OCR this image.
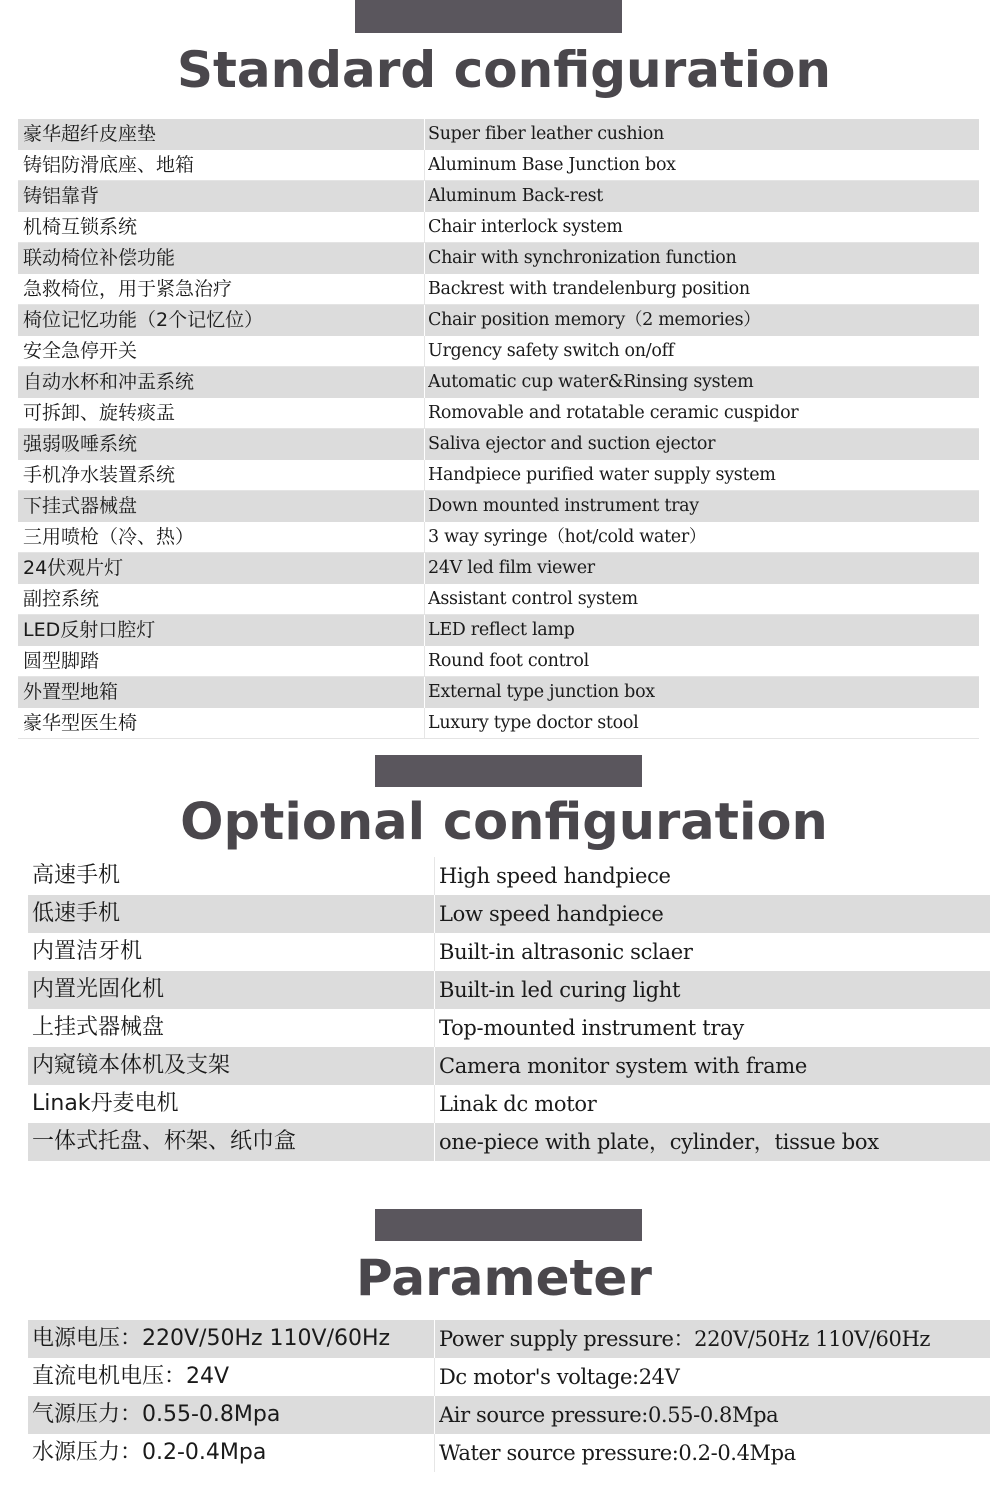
Standard configuration
豪华超纤皮座垫	Super fiber leather cushion
铸铝防滑底座、地箱	Aluminum Base Junction box
铸铝靠背	Aluminum Back-rest
机椅互锁系统	Chair interlock system
联动椅位补偿功能	Chair with synchronization function
急救椅位，用于紧急治疗	Backrest with trandelenburg position
椅位记忆功能（2个记忆位）	Chair position memory（2 memories）
安全急停开关	Urgency safety switch on/off
自动水杯和冲盂系统	Automatic cup water&Rinsing system
可拆卸、旋转痰盂	Romovable and rotatable ceramic cuspidor
强弱吸唾系统	Saliva ejector and suction ejector
手机净水装置系统	Handpiece purified water supply system
下挂式器械盘	Down mounted instrument tray
三用喷枪（冷、热）	3 way syringe（hot/cold water）
24伏观片灯	24V led film viewer
副控系统	Assistant control system
LED反射口腔灯	LED reflect lamp
圆型脚踏	Round foot control
外置型地箱	External type junction box
豪华型医生椅	Luxury type doctor stool
Optional configuration
高速手机	High speed handpiece
低速手机	Low speed handpiece
内置洁牙机	Built-in altrasonic sclaer
内置光固化机	Built-in led curing light
上挂式器械盘	Top-mounted instrument tray
内窥镜本体机及支架	Camera monitor system with frame
Linak丹麦电机	Linak dc motor
一体式托盘、杯架、纸巾盒	one-piece with plate，cylinder，tissue box
Parameter
电源电压：220V/50Hz 110V/60Hz	Power supply pressure：220V/50Hz 110V/60Hz
直流电机电压：24V	Dc motor's voltage:24V
气源压力：0.55-0.8Mpa	Air source pressure:0.55-0.8Mpa
水源压力：0.2-0.4Mpa	Water source pressure:0.2-0.4Mpa
